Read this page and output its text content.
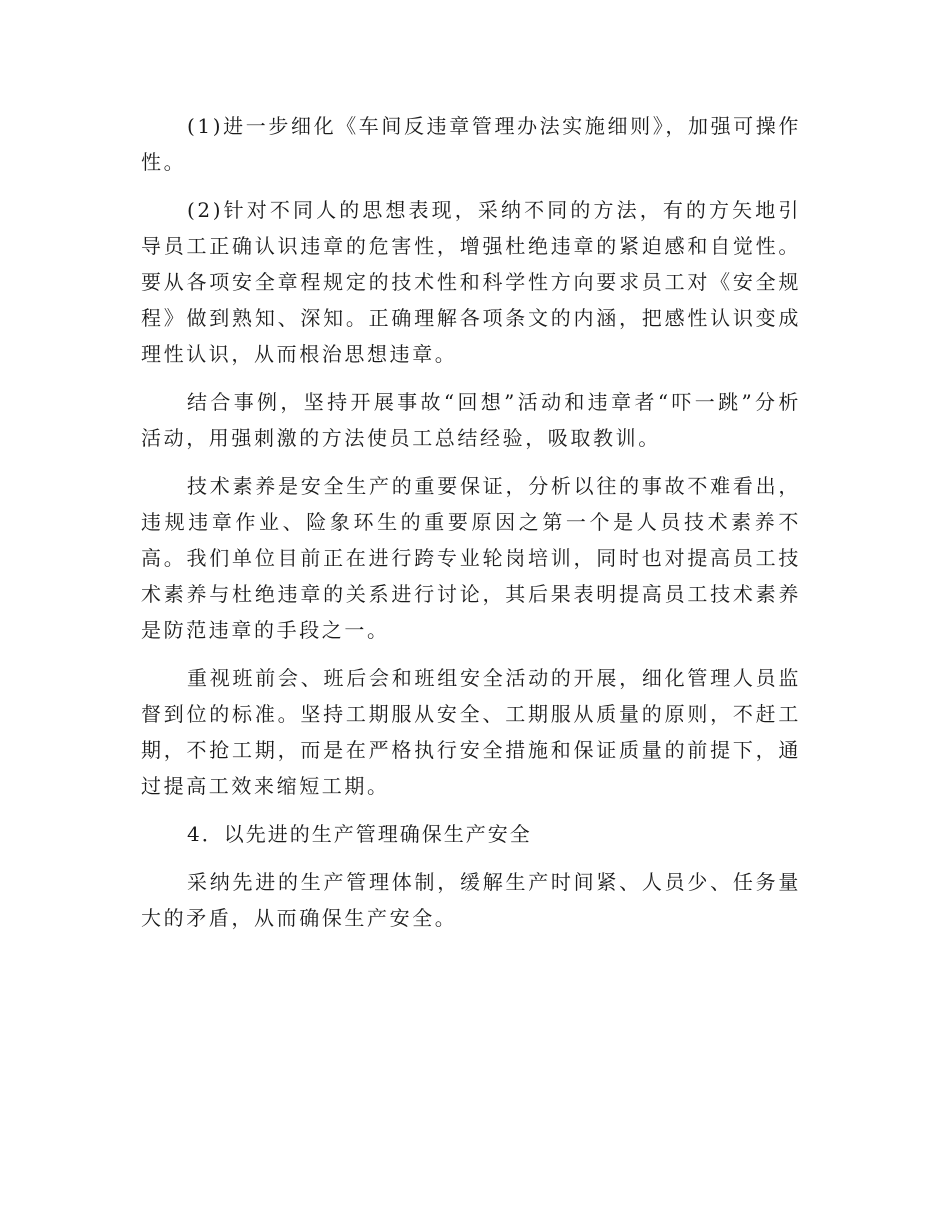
(1)进一步细化《车间反违章管理办法实施细则》，加强可操作性。

(2)针对不同人的思想表现，采纳不同的方法，有的方矢地引导员工正确认识违章的危害性，增强杜绝违章的紧迫感和自觉性。要从各项安全章程规定的技术性和科学性方向要求员工对《安全规程》做到熟知、深知。正确理解各项条文的内涵，把感性认识变成理性认识，从而根治思想违章。

结合事例，坚持开展事故“回想”活动和违章者“吓一跳”分析活动，用强刺激的方法使员工总结经验，吸取教训。

技术素养是安全生产的重要保证，分析以往的事故不难看出，违规违章作业、险象环生的重要原因之第一个是人员技术素养不高。我们单位目前正在进行跨专业轮岗培训，同时也对提高员工技术素养与杜绝违章的关系进行讨论，其后果表明提高员工技术素养是防范违章的手段之一。

重视班前会、班后会和班组安全活动的开展，细化管理人员监督到位的标准。坚持工期服从安全、工期服从质量的原则，不赶工期，不抢工期，而是在严格执行安全措施和保证质量的前提下，通过提高工效来缩短工期。

4．以先进的生产管理确保生产安全

采纳先进的生产管理体制，缓解生产时间紧、人员少、任务量大的矛盾，从而确保生产安全。
